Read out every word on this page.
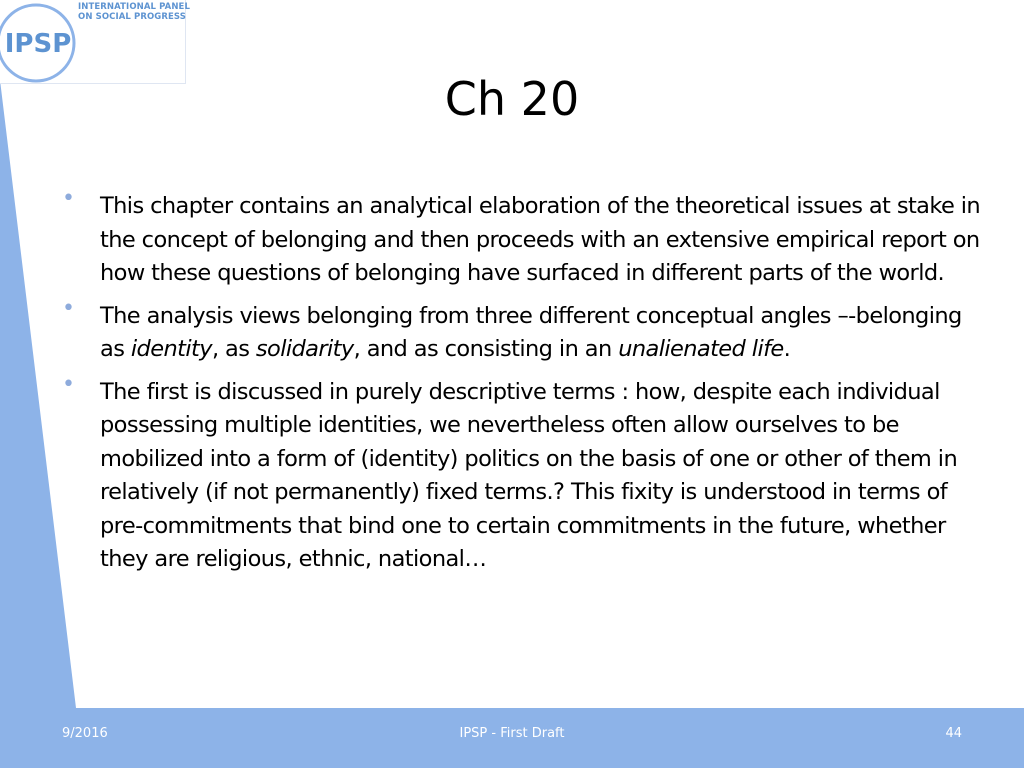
IPSP
INTERNATIONAL PANEL
ON SOCIAL PROGRESS
Ch 20
• This chapter contains an analytical elaboration of the theoretical issues at stake in the concept of belonging and then proceeds with an extensive empirical report on how these questions of belonging have surfaced in different parts of the world.
• The analysis views belonging from three different conceptual angles –-belonging as identity, as solidarity, and as consisting in an unalienated life.
• The first is discussed in purely descriptive terms : how, despite each individual possessing multiple identities, we nevertheless often allow ourselves to be mobilized into a form of (identity) politics on the basis of one or other of them in relatively (if not permanently) fixed terms.? This fixity is understood in terms of pre-commitments that bind one to certain commitments in the future, whether they are religious, ethnic, national…
9/2016	IPSP - First Draft	44
